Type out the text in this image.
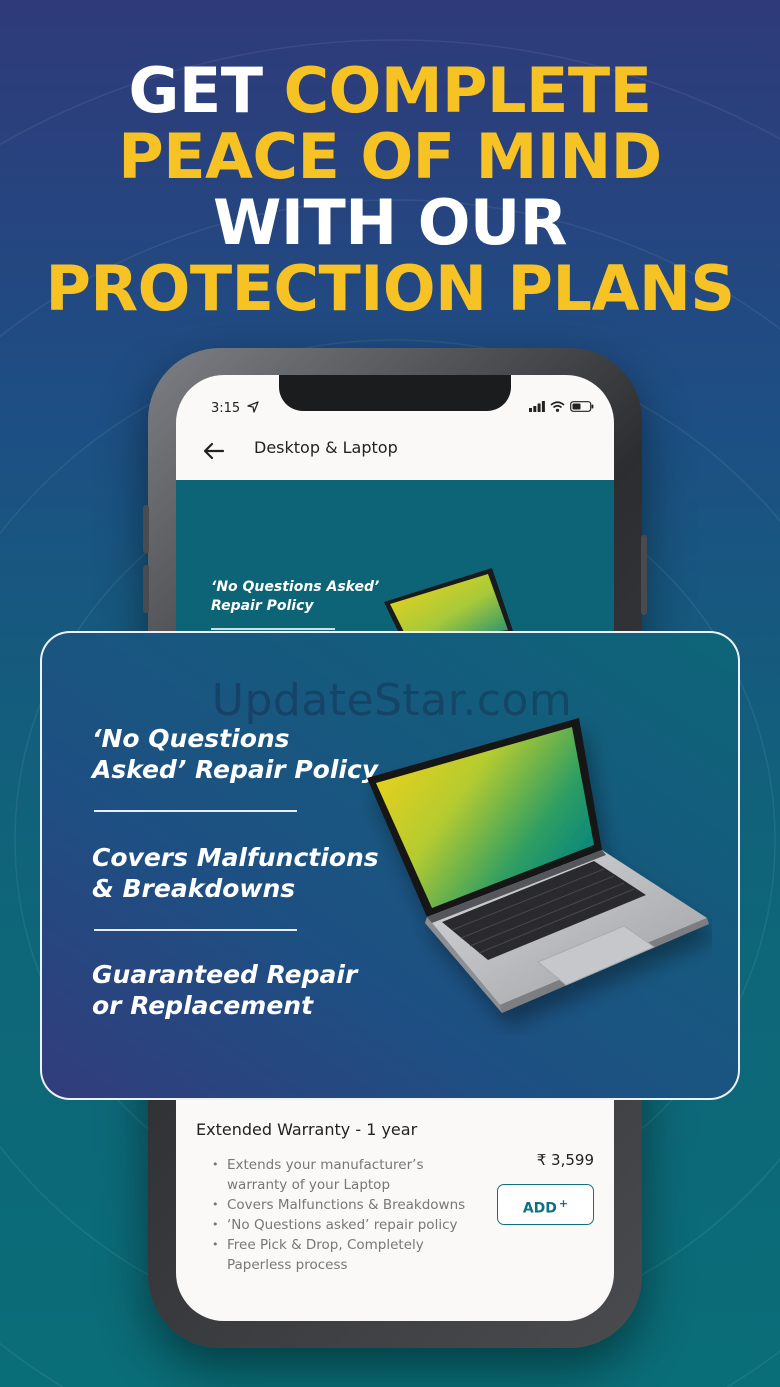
GET COMPLETE
PEACE OF MIND
WITH OUR
PROTECTION PLANS
3:15
Desktop & Laptop
‘No Questions Asked’ Repair Policy
Extended Warranty - 1 year
• Extends your manufacturer’s warranty of your Laptop
• Covers Malfunctions & Breakdowns
• ‘No Questions asked’ repair policy
• Free Pick & Drop, Completely Paperless process
₹ 3,599
ADD +
UpdateStar.com
‘No Questions Asked’ Repair Policy
Covers Malfunctions & Breakdowns
Guaranteed Repair or Replacement
